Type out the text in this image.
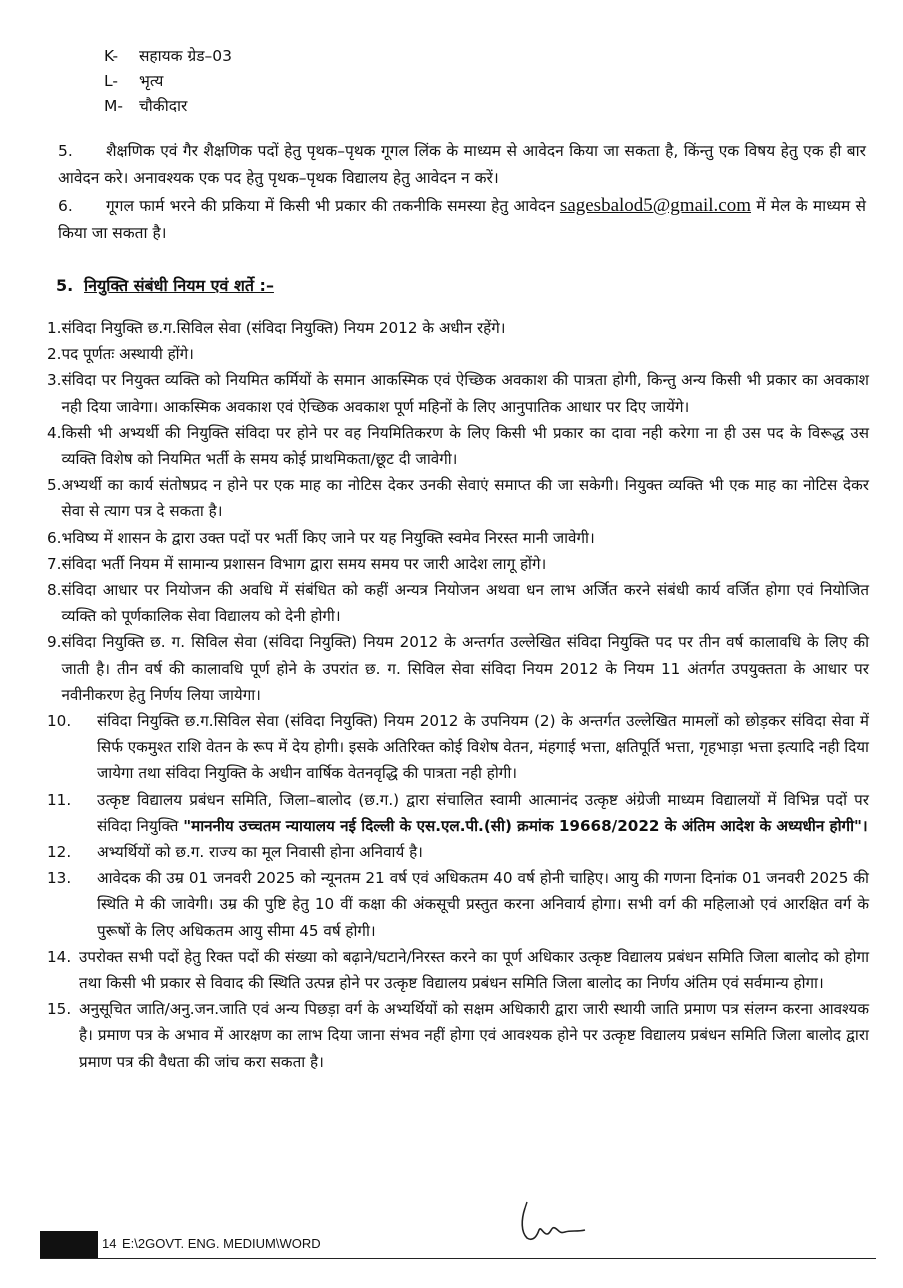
K- सहायक ग्रेड–03
L- भृत्य
M- चौकीदार
5. शैक्षणिक एवं गैर शैक्षणिक पदों हेतु पृथक–पृथक गूगल लिंक के माध्यम से आवेदन किया जा सकता है, किंन्तु एक विषय हेतु एक ही बार आवेदन करे। अनावश्यक एक पद हेतु पृथक–पृथक विद्यालय हेतु आवेदन न करें।
6. गूगल फार्म भरने की प्रकिया में किसी भी प्रकार की तकनीकि समस्या हेतु आवेदन sagesbalod5@gmail.com में मेल के माध्यम से किया जा सकता है।
5. नियुक्ति संबंधी नियम एवं शर्ते :–
1. संविदा नियुक्ति छ.ग.सिविल सेवा (संविदा नियुक्ति) नियम 2012 के अधीन रहेंगे।
2. पद पूर्णतः अस्थायी होंगे।
3. संविदा पर नियुक्त व्यक्ति को नियमित कर्मियों के समान आकस्मिक एवं ऐच्छिक अवकाश की पात्रता होगी, किन्तु अन्य किसी भी प्रकार का अवकाश नही दिया जावेगा। आकस्मिक अवकाश एवं ऐच्छिक अवकाश पूर्ण महिनों के लिए आनुपातिक आधार पर दिए जायेंगे।
4. किसी भी अभ्यर्थी की नियुक्ति संविदा पर होने पर वह नियमितिकरण के लिए किसी भी प्रकार का दावा नही करेगा ना ही उस पद के विरूद्ध उस व्यक्ति विशेष को नियमित भर्ती के समय कोई प्राथमिकता/छूट दी जावेगी।
5. अभ्यर्थी का कार्य संतोषप्रद न होने पर एक माह का नोटिस देकर उनकी सेवाएं समाप्त की जा सकेगी। नियुक्त व्यक्ति भी एक माह का नोटिस देकर सेवा से त्याग पत्र दे सकता है।
6. भविष्य में शासन के द्वारा उक्त पदों पर भर्ती किए जाने पर यह नियुक्ति स्वमेव निरस्त मानी जावेगी।
7. संविदा भर्ती नियम में सामान्य प्रशासन विभाग द्वारा समय समय पर जारी आदेश लागू होंगे।
8. संविदा आधार पर नियोजन की अवधि में संबंधित को कहीं अन्यत्र नियोजन अथवा धन लाभ अर्जित करने संबंधी कार्य वर्जित होगा एवं नियोजित व्यक्ति को पूर्णकालिक सेवा विद्यालय को देनी होगी।
9. संविदा नियुक्ति छ. ग. सिविल सेवा (संविदा नियुक्ति) नियम 2012 के अन्तर्गत उल्लेखित संविदा नियुक्ति पद पर तीन वर्ष कालावधि के लिए की जाती है। तीन वर्ष की कालावधि पूर्ण होने के उपरांत छ. ग. सिविल सेवा संविदा नियम 2012 के नियम 11 अंतर्गत उपयुक्तता के आधार पर नवीनीकरण हेतु निर्णय लिया जायेगा।
10.	संविदा नियुक्ति छ.ग.सिविल सेवा (संविदा नियुक्ति) नियम 2012 के उपनियम (2) के अन्तर्गत उल्लेखित मामलों को छोड़कर संविदा सेवा में सिर्फ एकमुश्त राशि वेतन के रूप में देय होगी। इसके अतिरिक्त कोई विशेष वेतन, मंहगाई भत्ता, क्षतिपूर्ति भत्ता, गृहभाड़ा भत्ता इत्यादि नही दिया जायेगा तथा संविदा नियुक्ति के अधीन वार्षिक वेतनवृद्धि की पात्रता नही होगी।
11.	उत्कृष्ट विद्यालय प्रबंधन समिति, जिला–बालोद (छ.ग.) द्वारा संचालित स्वामी आत्मानंद उत्कृष्ट अंग्रेजी माध्यम विद्यालयों में विभिन्न पदों पर संविदा नियुक्ति "माननीय उच्चतम न्यायालय नई दिल्ली के एस.एल.पी.(सी) क्रमांक 19668/2022 के अंतिम आदेश के अध्यधीन होगी"।
12.	अभ्यर्थियों को छ.ग. राज्य का मूल निवासी होना अनिवार्य है।
13.	आवेदक की उम्र 01 जनवरी 2025 को न्यूनतम 21 वर्ष एवं अधिकतम 40 वर्ष होनी चाहिए। आयु की गणना दिनांक 01 जनवरी 2025 की स्थिति मे की जावेगी। उम्र की पुष्टि हेतु 10 वीं कक्षा की अंकसूची प्रस्तुत करना अनिवार्य होगा। सभी वर्ग की महिलाओ एवं आरक्षित वर्ग के पुरूषों के लिए अधिकतम आयु सीमा 45 वर्ष होगी।
14. उपरोक्त सभी पदों हेतु रिक्त पदों की संख्या को बढ़ाने/घटाने/निरस्त करने का पूर्ण अधिकार उत्कृष्ट विद्यालय प्रबंधन समिति जिला बालोद को होगा तथा किसी भी प्रकार से विवाद की स्थिति उत्पन्न होने पर उत्कृष्ट विद्यालय प्रबंधन समिति जिला बालोद का निर्णय अंतिम एवं सर्वमान्य होगा।
15. अनुसूचित जाति/अनु.जन.जाति एवं अन्य पिछड़ा वर्ग के अभ्यर्थियों को सक्षम अधिकारी द्वारा जारी स्थायी जाति प्रमाण पत्र संलग्न करना आवश्यक है। प्रमाण पत्र के अभाव में आरक्षण का लाभ दिया जाना संभव नहीं होगा एवं आवश्यक होने पर उत्कृष्ट विद्यालय प्रबंधन समिति जिला बालोद द्वारा प्रमाण पत्र की वैधता की जांच करा सकता है।
14 E:\2GOVT. ENG. MEDIUM\WORD
